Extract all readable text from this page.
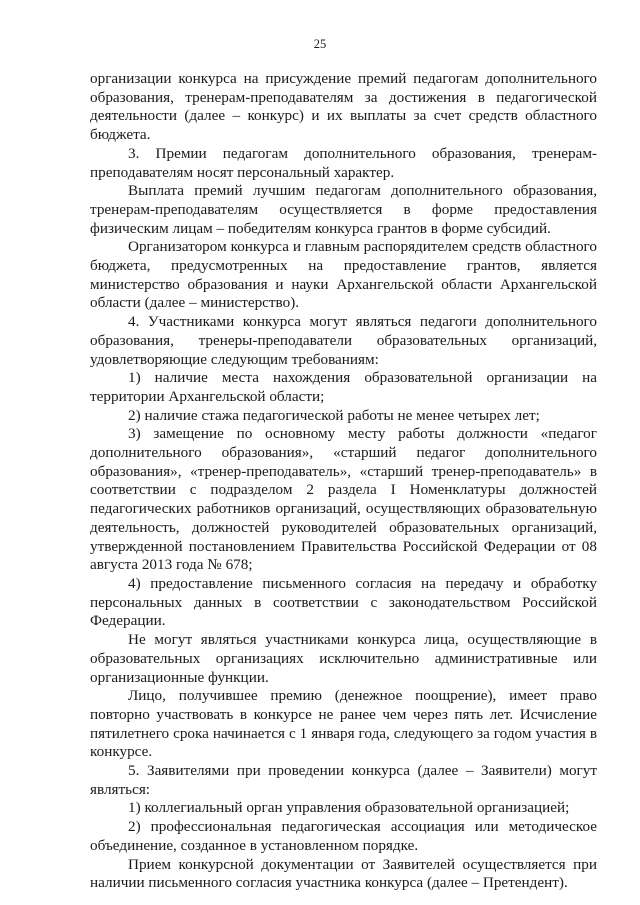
25

организации конкурса на присуждение премий педагогам дополнительного образования, тренерам-преподавателям за достижения в педагогической деятельности (далее – конкурс) и их выплаты за счет средств областного бюджета.

3. Премии педагогам дополнительного образования, тренерам-преподавателям носят персональный характер.

Выплата премий лучшим педагогам дополнительного образования, тренерам-преподавателям осуществляется в форме предоставления физическим лицам – победителям конкурса грантов в форме субсидий.

Организатором конкурса и главным распорядителем средств областного бюджета, предусмотренных на предоставление грантов, является министерство образования и науки Архангельской области Архангельской области (далее – министерство).

4. Участниками конкурса могут являться педагоги дополнительного образования, тренеры-преподаватели образовательных организаций, удовлетворяющие следующим требованиям:

1) наличие места нахождения образовательной организации на территории Архангельской области;

2) наличие стажа педагогической работы не менее четырех лет;

3) замещение по основному месту работы должности «педагог дополнительного образования», «старший педагог дополнительного образования», «тренер-преподаватель», «старший тренер-преподаватель» в соответствии с подразделом 2 раздела I Номенклатуры должностей педагогических работников организаций, осуществляющих образовательную деятельность, должностей руководителей образовательных организаций, утвержденной постановлением Правительства Российской Федерации от 08 августа 2013 года № 678;

4) предоставление письменного согласия на передачу и обработку персональных данных в соответствии с законодательством Российской Федерации.

Не могут являться участниками конкурса лица, осуществляющие в образовательных организациях исключительно административные или организационные функции.

Лицо, получившее премию (денежное поощрение), имеет право повторно участвовать в конкурсе не ранее чем через пять лет. Исчисление пятилетнего срока начинается с 1 января года, следующего за годом участия в конкурсе.

5. Заявителями при проведении конкурса (далее – Заявители) могут являться:

1) коллегиальный орган управления образовательной организацией;

2) профессиональная педагогическая ассоциация или методическое объединение, созданное в установленном порядке.

Прием конкурсной документации от Заявителей осуществляется при наличии письменного согласия участника конкурса (далее – Претендент).
